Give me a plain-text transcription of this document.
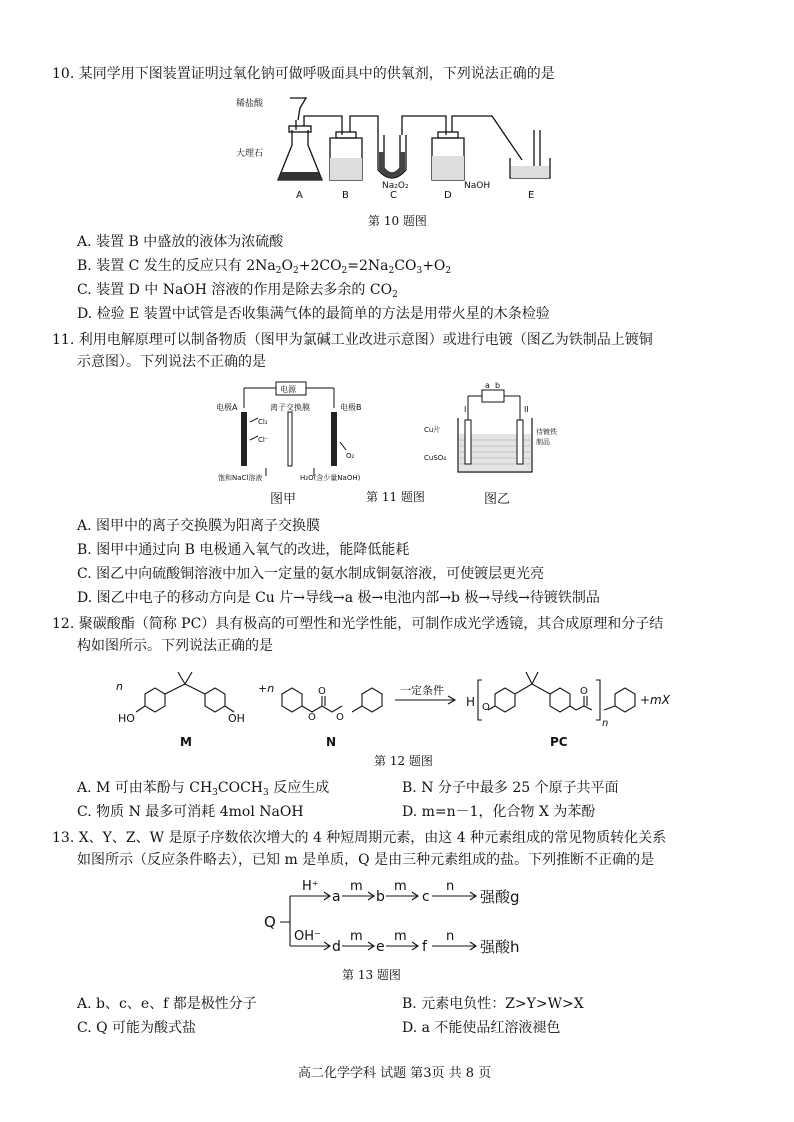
10. 某同学用下图装置证明过氧化钠可做呼吸面具中的供氧剂，下列说法正确的是
稀盐酸
大理石
Na₂O₂	NaOH
A	B	C	D	E
第 10 题图
A. 装置 B 中盛放的液体为浓硫酸
B. 装置 C 发生的反应只有 $2Na_2O_2+2CO_2=2Na_2CO_3+O_2$
C. 装置 D 中 NaOH 溶液的作用是除去多余的 $CO_2$
D. 检验 E 装置中试管是否收集满气体的最简单的方法是用带火星的木条检验
11. 利用电解原理可以制备物质（图甲为氯碱工业改进示意图）或进行电镀（图乙为铁制品上镀铜
示意图）。下列说法不正确的是
电源
电极A	离子交换膜	电极B
Cl₂
Cl⁻
O₂
饱和NaCl溶液	H₂O(含少量NaOH)
a b
I	II
Cu片
CuSO₄
待镀铁
制品
图甲	第 11 题图	图乙
A. 图甲中的离子交换膜为阳离子交换膜
B. 图甲中通过向 B 电极通入氧气的改进，能降低能耗
C. 图乙中向硫酸铜溶液中加入一定量的氨水制成铜氨溶液，可使镀层更光亮
D. 图乙中电子的移动方向是 Cu 片→导线→a 极→电池内部→b 极→导线→待镀铁制品
12. 聚碳酸酯（简称 PC）具有极高的可塑性和光学性能，可制作成光学透镜，其合成原理和分子结
构如图所示。下列说法正确的是
n
HO	OH
+n
O
O
O
一定条件
H O
O
n
+mX
M	N	PC
第 12 题图
A. M 可由苯酚与 $CH_3COCH_3$ 反应生成	B. N 分子中最多 25 个原子共平面
C. 物质 N 最多可消耗 4mol NaOH	D. m=n－1，化合物 X 为苯酚
13. X、Y、Z、W 是原子序数依次增大的 4 种短周期元素，由这 4 种元素组成的常见物质转化关系
如图所示（反应条件略去），已知 m 是单质，Q 是由三种元素组成的盐。下列推断不正确的是
Q
H⁺
OH⁻
a
m
b
m
c
n
强酸g
d
m
e
m
f
n
强酸h
第 13 题图
A. b、c、e、f 都是极性分子	B. 元素电负性：Z>Y>W>X
C. Q 可能为酸式盐	D. a 不能使品红溶液褪色
高二化学学科 试题 第3页 共 8 页
